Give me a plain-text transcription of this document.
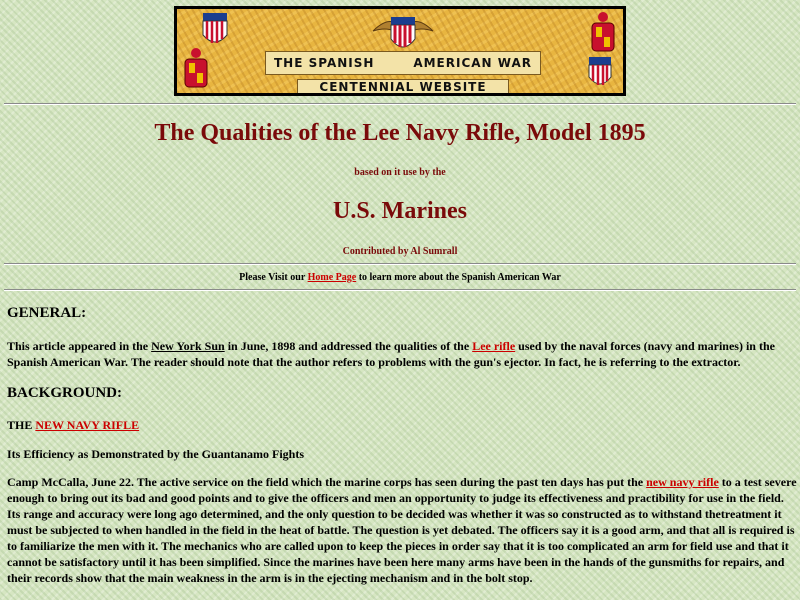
THE SPANISH	AMERICAN WAR
CENTENNIAL WEBSITE
The Qualities of the Lee Navy Rifle, Model 1895
based on it use by the
U.S. Marines
Contributed by Al Sumrall
Please Visit our Home Page to learn more about the Spanish American War
GENERAL:
This article appeared in the New York Sun in June, 1898 and addressed the qualities of the Lee rifle used by the naval forces (navy and marines) in the Spanish American War. The reader should note that the author refers to problems with the gun's ejector. In fact, he is referring to the extractor.
BACKGROUND:
THE NEW NAVY RIFLE
Its Efficiency as Demonstrated by the Guantanamo Fights
Camp McCalla, June 22. The active service on the field which the marine corps has seen during the past ten days has put the new navy rifle to a test severe enough to bring out its bad and good points and to give the officers and men an opportunity to judge its effectiveness and practibility for use in the field. Its range and accuracy were long ago determined, and the only question to be decided was whether it was so constructed as to withstand thetreatment it must be subjected to when handled in the field in the heat of battle. The question is yet debated. The officers say it is a good arm, and that all is required is to familiarize the men with it. The mechanics who are called upon to keep the pieces in order say that it is too complicated an arm for field use and that it cannot be satisfactory until it has been simplified. Since the marines have been here many arms have been in the hands of the gunsmiths for repairs, and their records show that the main weakness in the arm is in the ejecting mechanism and in the bolt stop.
